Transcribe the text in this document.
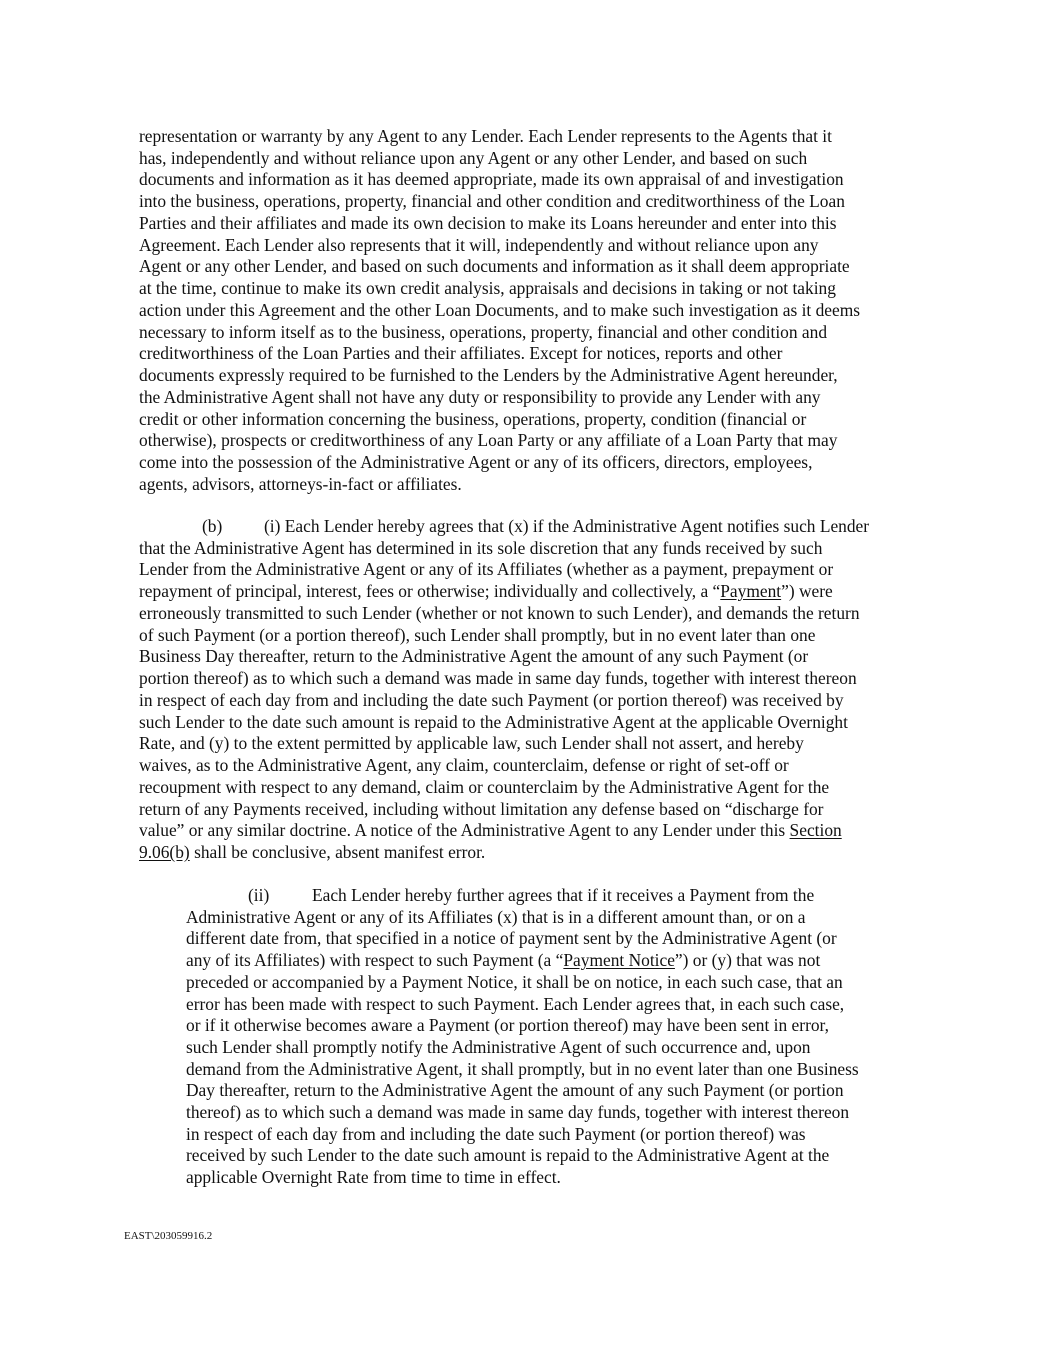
representation or warranty by any Agent to any Lender. Each Lender represents to the Agents that it
has, independently and without reliance upon any Agent or any other Lender, and based on such
documents and information as it has deemed appropriate, made its own appraisal of and investigation
into the business, operations, property, financial and other condition and creditworthiness of the Loan
Parties and their affiliates and made its own decision to make its Loans hereunder and enter into this
Agreement. Each Lender also represents that it will, independently and without reliance upon any
Agent or any other Lender, and based on such documents and information as it shall deem appropriate
at the time, continue to make its own credit analysis, appraisals and decisions in taking or not taking
action under this Agreement and the other Loan Documents, and to make such investigation as it deems
necessary to inform itself as to the business, operations, property, financial and other condition and
creditworthiness of the Loan Parties and their affiliates. Except for notices, reports and other
documents expressly required to be furnished to the Lenders by the Administrative Agent hereunder,
the Administrative Agent shall not have any duty or responsibility to provide any Lender with any
credit or other information concerning the business, operations, property, condition (financial or
otherwise), prospects or creditworthiness of any Loan Party or any affiliate of a Loan Party that may
come into the possession of the Administrative Agent or any of its officers, directors, employees,
agents, advisors, attorneys-in-fact or affiliates.
(b) (i) Each Lender hereby agrees that (x) if the Administrative Agent notifies such Lender
that the Administrative Agent has determined in its sole discretion that any funds received by such
Lender from the Administrative Agent or any of its Affiliates (whether as a payment, prepayment or
repayment of principal, interest, fees or otherwise; individually and collectively, a “Payment”) were
erroneously transmitted to such Lender (whether or not known to such Lender), and demands the return
of such Payment (or a portion thereof), such Lender shall promptly, but in no event later than one
Business Day thereafter, return to the Administrative Agent the amount of any such Payment (or
portion thereof) as to which such a demand was made in same day funds, together with interest thereon
in respect of each day from and including the date such Payment (or portion thereof) was received by
such Lender to the date such amount is repaid to the Administrative Agent at the applicable Overnight
Rate, and (y) to the extent permitted by applicable law, such Lender shall not assert, and hereby
waives, as to the Administrative Agent, any claim, counterclaim, defense or right of set-off or
recoupment with respect to any demand, claim or counterclaim by the Administrative Agent for the
return of any Payments received, including without limitation any defense based on “discharge for
value” or any similar doctrine. A notice of the Administrative Agent to any Lender under this Section
9.06(b) shall be conclusive, absent manifest error.
(ii) Each Lender hereby further agrees that if it receives a Payment from the
Administrative Agent or any of its Affiliates (x) that is in a different amount than, or on a
different date from, that specified in a notice of payment sent by the Administrative Agent (or
any of its Affiliates) with respect to such Payment (a “Payment Notice”) or (y) that was not
preceded or accompanied by a Payment Notice, it shall be on notice, in each such case, that an
error has been made with respect to such Payment. Each Lender agrees that, in each such case,
or if it otherwise becomes aware a Payment (or portion thereof) may have been sent in error,
such Lender shall promptly notify the Administrative Agent of such occurrence and, upon
demand from the Administrative Agent, it shall promptly, but in no event later than one Business
Day thereafter, return to the Administrative Agent the amount of any such Payment (or portion
thereof) as to which such a demand was made in same day funds, together with interest thereon
in respect of each day from and including the date such Payment (or portion thereof) was
received by such Lender to the date such amount is repaid to the Administrative Agent at the
applicable Overnight Rate from time to time in effect.
EAST\203059916.2
